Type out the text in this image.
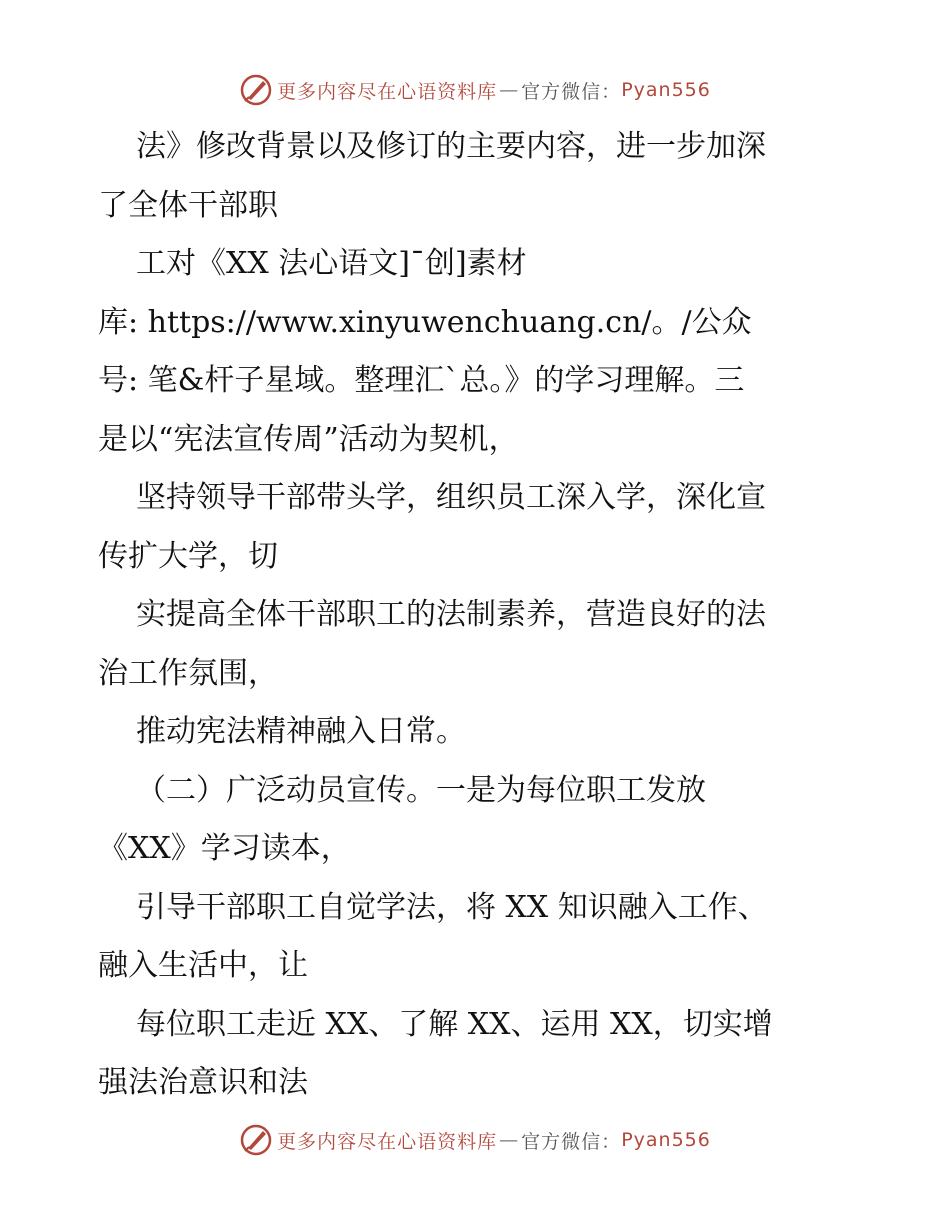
更多内容尽在心语资料库 — 官方微信： Pyan556
法》修改背景以及修订的主要内容，进一步加深
了全体干部职
工对《XX 法心语文]¯创]素材
库: https://www.xinyuwenchuang.cn/。/公众
号: 笔&杆子星域。整理汇`总。》的学习理解。三
是以“宪法宣传周”活动为契机，
坚持领导干部带头学，组织员工深入学，深化宣
传扩大学，切
实提高全体干部职工的法制素养，营造良好的法
治工作氛围，
推动宪法精神融入日常。
（二）广泛动员宣传。一是为每位职工发放
《XX》学习读本，
引导干部职工自觉学法，将 XX 知识融入工作、
融入生活中，让
每位职工走近 XX、了解 XX、运用 XX，切实增
强法治意识和法
更多内容尽在心语资料库 — 官方微信： Pyan556
